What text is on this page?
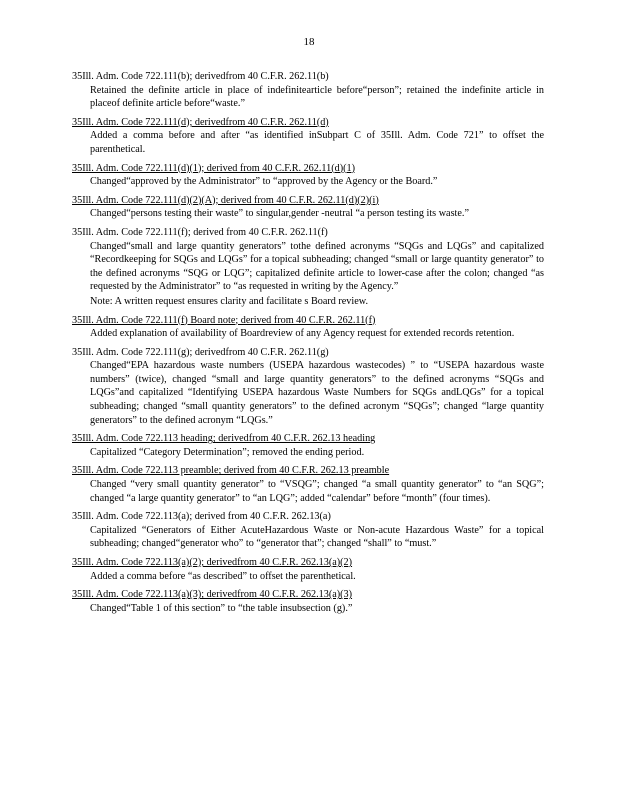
18
35Ill. Adm. Code 722.111(b); derivedfrom 40 C.F.R. 262.11(b)
Retained the definite article in place of indefinitearticle before“person”; retained the indefinite article in placeof definite article before“waste.”
35Ill. Adm. Code 722.111(d); derivedfrom 40 C.F.R. 262.11(d)
Added a comma before and after “as identified inSubpart C of 35Ill. Adm. Code 721” to offset the parenthetical.
35Ill. Adm. Code 722.111(d)(1); derived from 40 C.F.R. 262.11(d)(1)
Changed“approved by the Administrator” to “approved by the Agency or the Board.”
35Ill. Adm. Code 722.111(d)(2)(A); derived from 40 C.F.R. 262.11(d)(2)(i)
Changed“persons testing their waste” to singular,gender -neutral “a person testing its waste.”
35Ill. Adm. Code 722.111(f); derived from 40 C.F.R. 262.11(f)
Changed“small and large quantity generators” tothe defined acronyms “SQGs and LQGs” and capitalized “Recordkeeping for SQGs and LQGs” for a topical subheading; changed “small or large quantity generator” to the defined acronyms “SQG or LQG”; capitalized definite article to lower-case after the colon; changed “as requested by the Administrator” to “as requested in writing by the Agency.”
Note: A written request ensures clarity and facilitate s Board review.
35Ill. Adm. Code 722.111(f) Board note; derived from 40 C.F.R. 262.11(f)
Added explanation of availability of Boardreview of any Agency request for extended records retention.
35Ill. Adm. Code 722.111(g); derivedfrom 40 C.F.R. 262.11(g)
Changed“EPA hazardous waste numbers (USEPA hazardous wastecodes) ” to “USEPA hazardous waste numbers” (twice), changed “small and large quantity generators” to the defined acronyms “SQGs and LQGs”and capitalized “Identifying USEPA hazardous Waste Numbers for SQGs andLQGs” for a topical subheading; changed “small quantity generators” to the defined acronym “SQGs”; changed “large quantity generators” to the defined acronym “LQGs.”
35Ill. Adm. Code 722.113 heading; derivedfrom 40 C.F.R. 262.13 heading
Capitalized “Category Determination”; removed the ending period.
35Ill. Adm. Code 722.113 preamble; derived from 40 C.F.R. 262.13 preamble
Changed “very small quantity generator” to “VSQG”; changed “a small quantity generator” to “an SQG”; changed “a large quantity generator” to “an LQG”; added “calendar” before “month” (four times).
35Ill. Adm. Code 722.113(a); derived from 40 C.F.R. 262.13(a)
Capitalized “Generators of Either AcuteHazardous Waste or Non-acute Hazardous Waste” for a topical subheading; changed“generator who” to “generator that”; changed “shall” to “must.”
35Ill. Adm. Code 722.113(a)(2); derivedfrom 40 C.F.R. 262.13(a)(2)
Added a comma before “as described” to offset the parenthetical.
35Ill. Adm. Code 722.113(a)(3); derivedfrom 40 C.F.R. 262.13(a)(3)
Changed“Table 1 of this section” to “the table insubsection (g).”
